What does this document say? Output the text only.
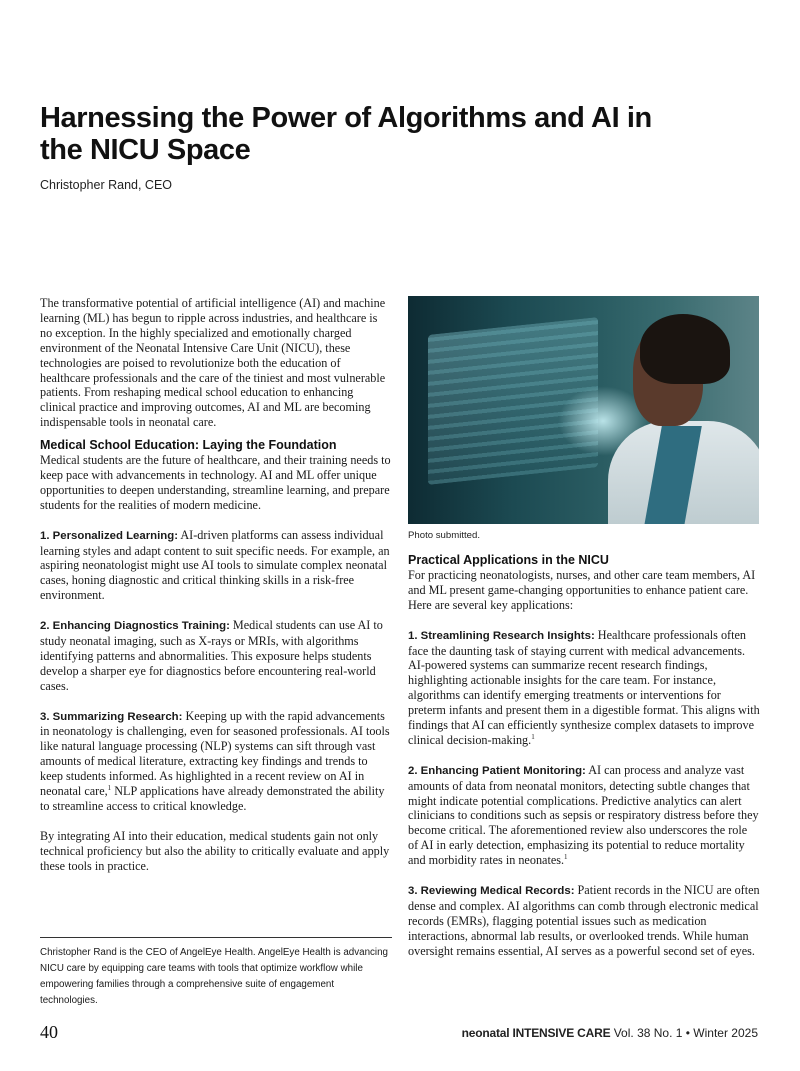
Harnessing the Power of Algorithms and AI in the NICU Space
Christopher Rand, CEO

The transformative potential of artificial intelligence (AI) and machine learning (ML) has begun to ripple across industries, and healthcare is no exception. In the highly specialized and emotionally charged environment of the Neonatal Intensive Care Unit (NICU), these technologies are poised to revolutionize both the education of healthcare professionals and the care of the tiniest and most vulnerable patients. From reshaping medical school education to enhancing clinical practice and improving outcomes, AI and ML are becoming indispensable tools in neonatal care.

Medical School Education: Laying the Foundation

Medical students are the future of healthcare, and their training needs to keep pace with advancements in technology. AI and ML offer unique opportunities to deepen understanding, streamline learning, and prepare students for the realities of modern medicine.

1. Personalized Learning: AI-driven platforms can assess individual learning styles and adapt content to suit specific needs. For example, an aspiring neonatologist might use AI tools to simulate complex neonatal cases, honing diagnostic and critical thinking skills in a risk-free environment.

2. Enhancing Diagnostics Training: Medical students can use AI to study neonatal imaging, such as X-rays or MRIs, with algorithms identifying patterns and abnormalities. This exposure helps students develop a sharper eye for diagnostics before encountering real-world cases.

3. Summarizing Research: Keeping up with the rapid advancements in neonatology is challenging, even for seasoned professionals. AI tools like natural language processing (NLP) systems can sift through vast amounts of medical literature, extracting key findings and trends to keep students informed. As highlighted in a recent review on AI in neonatal care,$^1$ NLP applications have already demonstrated the ability to streamline access to critical knowledge.

By integrating AI into their education, medical students gain not only technical proficiency but also the ability to critically evaluate and apply these tools in practice.

Christopher Rand is the CEO of AngelEye Health. AngelEye Health is advancing NICU care by equipping care teams with tools that optimize workflow while empowering families through a comprehensive suite of engagement technologies.
Photo submitted.
Practical Applications in the NICU

For practicing neonatologists, nurses, and other care team members, AI and ML present game-changing opportunities to enhance patient care. Here are several key applications:

1. Streamlining Research Insights: Healthcare professionals often face the daunting task of staying current with medical advancements. AI-powered systems can summarize recent research findings, highlighting actionable insights for the care team. For instance, algorithms can identify emerging treatments or interventions for preterm infants and present them in a digestible format. This aligns with findings that AI can efficiently synthesize complex datasets to improve clinical decision-making.$^1$

2. Enhancing Patient Monitoring: AI can process and analyze vast amounts of data from neonatal monitors, detecting subtle changes that might indicate potential complications. Predictive analytics can alert clinicians to conditions such as sepsis or respiratory distress before they become critical. The aforementioned review also underscores the role of AI in early detection, emphasizing its potential to reduce mortality and morbidity rates in neonates.$^1$

3. Reviewing Medical Records: Patient records in the NICU are often dense and complex. AI algorithms can comb through electronic medical records (EMRs), flagging potential issues such as medication interactions, abnormal lab results, or overlooked trends. While human oversight remains essential, AI serves as a powerful second set of eyes.

40	neonatal INTENSIVE CARE Vol. 38 No. 1 • Winter 2025
